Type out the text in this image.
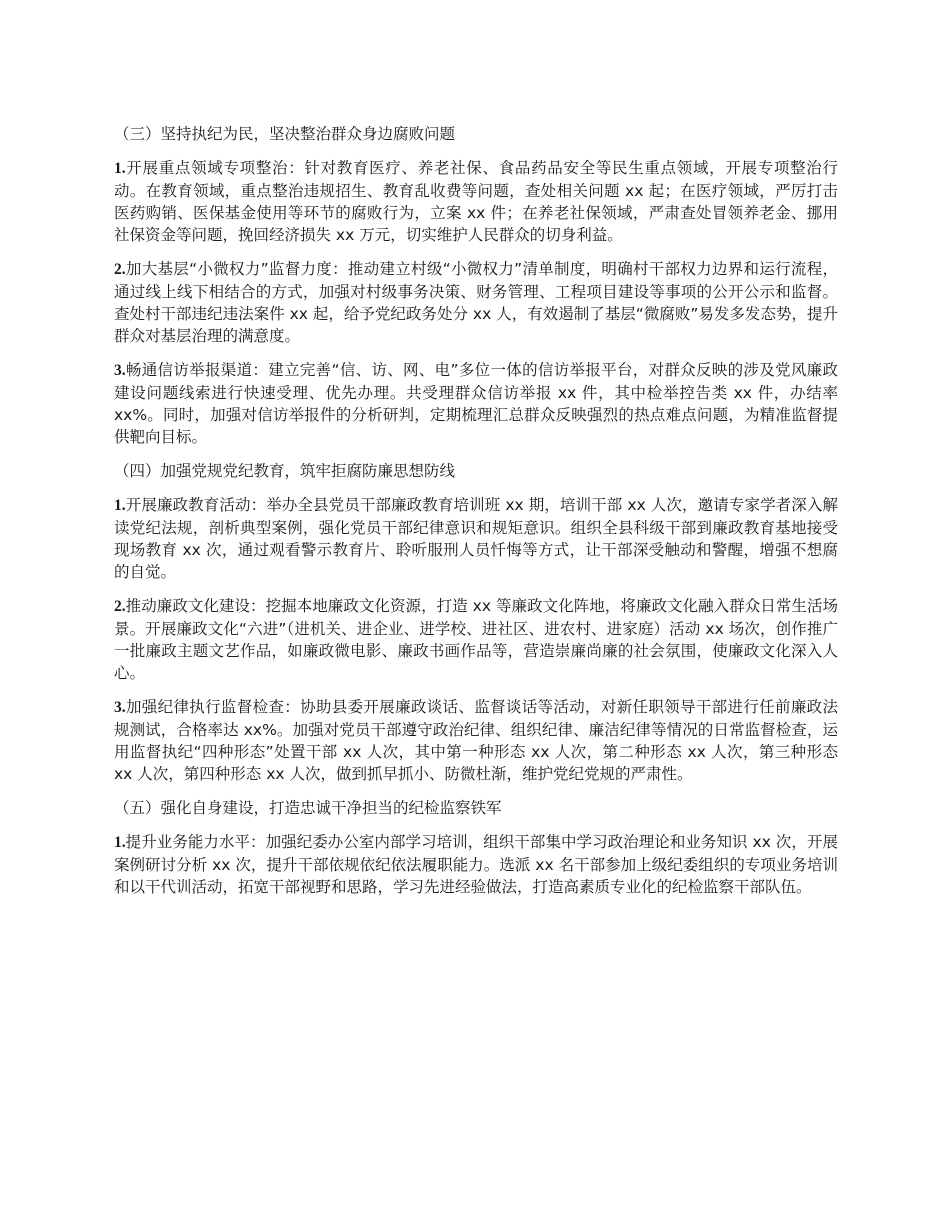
（三）坚持执纪为民，坚决整治群众身边腐败问题

1.开展重点领域专项整治：针对教育医疗、养老社保、食品药品安全等民生重点领域，开展专项整治行动。在教育领域，重点整治违规招生、教育乱收费等问题，查处相关问题 xx 起；在医疗领域，严厉打击医药购销、医保基金使用等环节的腐败行为，立案 xx 件；在养老社保领域，严肃查处冒领养老金、挪用社保资金等问题，挽回经济损失 xx 万元，切实维护人民群众的切身利益。

2.加大基层“小微权力”监督力度：推动建立村级“小微权力”清单制度，明确村干部权力边界和运行流程，通过线上线下相结合的方式，加强对村级事务决策、财务管理、工程项目建设等事项的公开公示和监督。查处村干部违纪违法案件 xx 起，给予党纪政务处分 xx 人，有效遏制了基层“微腐败”易发多发态势，提升群众对基层治理的满意度。

3.畅通信访举报渠道：建立完善“信、访、网、电”多位一体的信访举报平台，对群众反映的涉及党风廉政建设问题线索进行快速受理、优先办理。共受理群众信访举报 xx 件，其中检举控告类 xx 件，办结率 xx%。同时，加强对信访举报件的分析研判，定期梳理汇总群众反映强烈的热点难点问题，为精准监督提供靶向目标。

（四）加强党规党纪教育，筑牢拒腐防廉思想防线

1.开展廉政教育活动：举办全县党员干部廉政教育培训班 xx 期，培训干部 xx 人次，邀请专家学者深入解读党纪法规，剖析典型案例，强化党员干部纪律意识和规矩意识。组织全县科级干部到廉政教育基地接受现场教育 xx 次，通过观看警示教育片、聆听服刑人员忏悔等方式，让干部深受触动和警醒，增强不想腐的自觉。

2.推动廉政文化建设：挖掘本地廉政文化资源，打造 xx 等廉政文化阵地，将廉政文化融入群众日常生活场景。开展廉政文化“六进”（进机关、进企业、进学校、进社区、进农村、进家庭）活动 xx 场次，创作推广一批廉政主题文艺作品，如廉政微电影、廉政书画作品等，营造崇廉尚廉的社会氛围，使廉政文化深入人心。

3.加强纪律执行监督检查：协助县委开展廉政谈话、监督谈话等活动，对新任职领导干部进行任前廉政法规测试，合格率达 xx%。加强对党员干部遵守政治纪律、组织纪律、廉洁纪律等情况的日常监督检查，运用监督执纪“四种形态”处置干部 xx 人次，其中第一种形态 xx 人次，第二种形态 xx 人次，第三种形态 xx 人次，第四种形态 xx 人次，做到抓早抓小、防微杜渐，维护党纪党规的严肃性。

（五）强化自身建设，打造忠诚干净担当的纪检监察铁军

1.提升业务能力水平：加强纪委办公室内部学习培训，组织干部集中学习政治理论和业务知识 xx 次，开展案例研讨分析 xx 次，提升干部依规依纪依法履职能力。选派 xx 名干部参加上级纪委组织的专项业务培训和以干代训活动，拓宽干部视野和思路，学习先进经验做法，打造高素质专业化的纪检监察干部队伍。
